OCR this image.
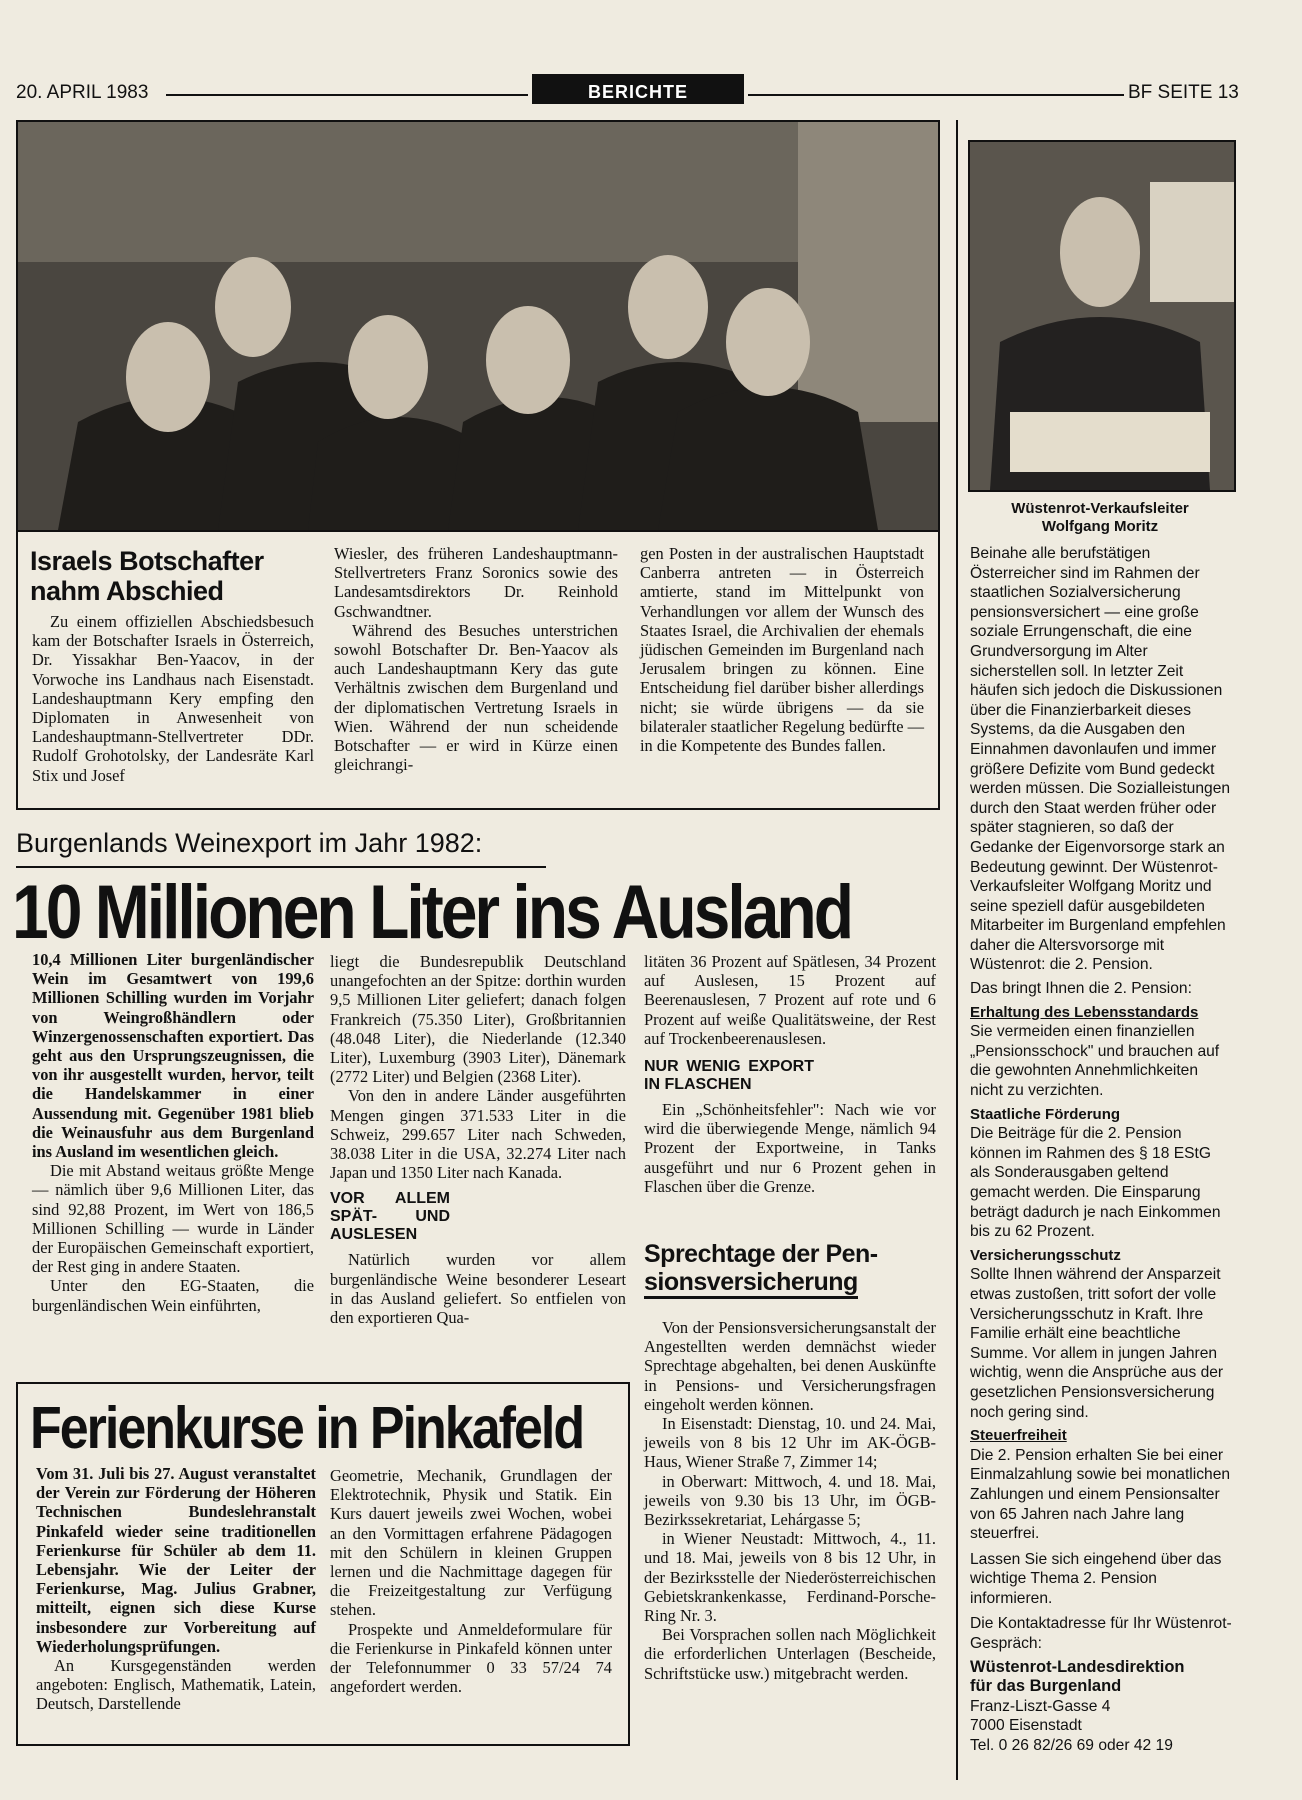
20. APRIL 1983	BERICHTE	BF SEITE 13
Wüstenrot-Verkaufsleiter
Wolfgang Moritz
Israels Botschafter
nahm Abschied

Zu einem offiziellen Abschiedsbesuch kam der Botschafter Israels in Österreich, Dr. Yissakhar Ben-Yaacov, in der Vorwoche ins Landhaus nach Eisenstadt. Landeshauptmann Kery empfing den Diplomaten in Anwesenheit von Landeshauptmann-Stellvertreter DDr. Rudolf Grohotolsky, der Landesräte Karl Stix und Josef

Wiesler, des früheren Landeshauptmann-Stellvertreters Franz Soronics sowie des Landesamtsdirektors Dr. Reinhold Gschwandtner.

Während des Besuches unterstrichen sowohl Botschafter Dr. Ben-Yaacov als auch Landeshauptmann Kery das gute Verhältnis zwischen dem Burgenland und der diplomatischen Vertretung Israels in Wien. Während der nun scheidende Botschafter — er wird in Kürze einen gleichrangi-

gen Posten in der australischen Hauptstadt Canberra antreten — in Österreich amtierte, stand im Mittelpunkt von Verhandlungen vor allem der Wunsch des Staates Israel, die Archivalien der ehemals jüdischen Gemeinden im Burgenland nach Jerusalem bringen zu können. Eine Entscheidung fiel darüber bisher allerdings nicht; sie würde übrigens — da sie bilateraler staatlicher Regelung bedürfte — in die Kompetente des Bundes fallen.

Burgenlands Weinexport im Jahr 1982:
10 Millionen Liter ins Ausland

10,4 Millionen Liter burgenländischer Wein im Gesamtwert von 199,6 Millionen Schilling wurden im Vorjahr von Weingroßhändlern oder Winzergenossenschaften exportiert. Das geht aus den Ursprungszeugnissen, die von ihr ausgestellt wurden, hervor, teilt die Handelskammer in einer Aussendung mit. Gegenüber 1981 blieb die Weinausfuhr aus dem Burgenland ins Ausland im wesentlichen gleich.

Die mit Abstand weitaus größte Menge — nämlich über 9,6 Millionen Liter, das sind 92,88 Prozent, im Wert von 186,5 Millionen Schilling — wurde in Länder der Europäischen Gemeinschaft exportiert, der Rest ging in andere Staaten.

Unter den EG-Staaten, die burgenländischen Wein einführten,

liegt die Bundesrepublik Deutschland unangefochten an der Spitze: dorthin wurden 9,5 Millionen Liter geliefert; danach folgen Frankreich (75.350 Liter), Großbritannien (48.048 Liter), die Niederlande (12.340 Liter), Luxemburg (3903 Liter), Dänemark (2772 Liter) und Belgien (2368 Liter).

Von den in andere Länder ausgeführten Mengen gingen 371.533 Liter in die Schweiz, 299.657 Liter nach Schweden, 38.038 Liter in die USA, 32.274 Liter nach Japan und 1350 Liter nach Kanada.

VOR ALLEM SPÄT- UND AUSLESEN

Natürlich wurden vor allem burgenländische Weine besonderer Leseart in das Ausland geliefert. So entfielen von den exportieren Qua-

litäten 36 Prozent auf Spätlesen, 34 Prozent auf Auslesen, 15 Prozent auf Beerenauslesen, 7 Prozent auf rote und 6 Prozent auf weiße Qualitätsweine, der Rest auf Trockenbeerenauslesen.

NUR WENIG EXPORT IN FLASCHEN

Ein „Schönheitsfehler": Nach wie vor wird die überwiegende Menge, nämlich 94 Prozent der Exportweine, in Tanks ausgeführt und nur 6 Prozent gehen in Flaschen über die Grenze.

Sprechtage der Pen-
sionsversicherung

Von der Pensionsversicherungsanstalt der Angestellten werden demnächst wieder Sprechtage abgehalten, bei denen Auskünfte in Pensions- und Versicherungsfragen eingeholt werden können.

In Eisenstadt: Dienstag, 10. und 24. Mai, jeweils von 8 bis 12 Uhr im AK-ÖGB-Haus, Wiener Straße 7, Zimmer 14;

in Oberwart: Mittwoch, 4. und 18. Mai, jeweils von 9.30 bis 13 Uhr, im ÖGB-Bezirkssekretariat, Lehárgasse 5;

in Wiener Neustadt: Mittwoch, 4., 11. und 18. Mai, jeweils von 8 bis 12 Uhr, in der Bezirksstelle der Niederösterreichischen Gebietskrankenkasse, Ferdinand-Porsche-Ring Nr. 3.

Bei Vorsprachen sollen nach Möglichkeit die erforderlichen Unterlagen (Bescheide, Schriftstücke usw.) mitgebracht werden.

Ferienkurse in Pinkafeld

Vom 31. Juli bis 27. August veranstaltet der Verein zur Förderung der Höheren Technischen Bundeslehranstalt Pinkafeld wieder seine traditionellen Ferienkurse für Schüler ab dem 11. Lebensjahr. Wie der Leiter der Ferienkurse, Mag. Julius Grabner, mitteilt, eignen sich diese Kurse insbesondere zur Vorbereitung auf Wiederholungsprüfungen.

An Kursgegenständen werden angeboten: Englisch, Mathematik, Latein, Deutsch, Darstellende

Geometrie, Mechanik, Grundlagen der Elektrotechnik, Physik und Statik. Ein Kurs dauert jeweils zwei Wochen, wobei an den Vormittagen erfahrene Pädagogen mit den Schülern in kleinen Gruppen lernen und die Nachmittage dagegen für die Freizeitgestaltung zur Verfügung stehen.

Prospekte und Anmeldeformulare für die Ferienkurse in Pinkafeld können unter der Telefonnummer 0 33 57/24 74 angefordert werden.

Beinahe alle berufstätigen Österreicher sind im Rahmen der staatlichen Sozialversicherung pensionsversichert — eine große soziale Errungenschaft, die eine Grundversorgung im Alter sicherstellen soll. In letzter Zeit häufen sich jedoch die Diskussionen über die Finanzierbarkeit dieses Systems, da die Ausgaben den Einnahmen davonlaufen und immer größere Defizite vom Bund gedeckt werden müssen. Die Sozialleistungen durch den Staat werden früher oder später stagnieren, so daß der Gedanke der Eigenvorsorge stark an Bedeutung gewinnt. Der Wüstenrot-Verkaufsleiter Wolfgang Moritz und seine speziell dafür ausgebildeten Mitarbeiter im Burgenland empfehlen daher die Altersvorsorge mit Wüstenrot: die 2. Pension.

Das bringt Ihnen die 2. Pension:

Erhaltung des Lebensstandards

Sie vermeiden einen finanziellen „Pensionsschock" und brauchen auf die gewohnten Annehmlichkeiten nicht zu verzichten.

Staatliche Förderung

Die Beiträge für die 2. Pension können im Rahmen des § 18 EStG als Sonderausgaben geltend gemacht werden. Die Einsparung beträgt dadurch je nach Einkommen bis zu 62 Prozent.

Versicherungsschutz

Sollte Ihnen während der Ansparzeit etwas zustoßen, tritt sofort der volle Versicherungsschutz in Kraft. Ihre Familie erhält eine beachtliche Summe. Vor allem in jungen Jahren wichtig, wenn die Ansprüche aus der gesetzlichen Pensionsversicherung noch gering sind.

Steuerfreiheit

Die 2. Pension erhalten Sie bei einer Einmalzahlung sowie bei monatlichen Zahlungen und einem Pensionsalter von 65 Jahren nach Jahre lang steuerfrei.

Lassen Sie sich eingehend über das wichtige Thema 2. Pension informieren.

Die Kontaktadresse für Ihr Wüstenrot-Gespräch:

Wüstenrot-Landesdirektion

für das Burgenland

Franz-Liszt-Gasse 4

7000 Eisenstadt

Tel. 0 26 82/26 69 oder 42 19
